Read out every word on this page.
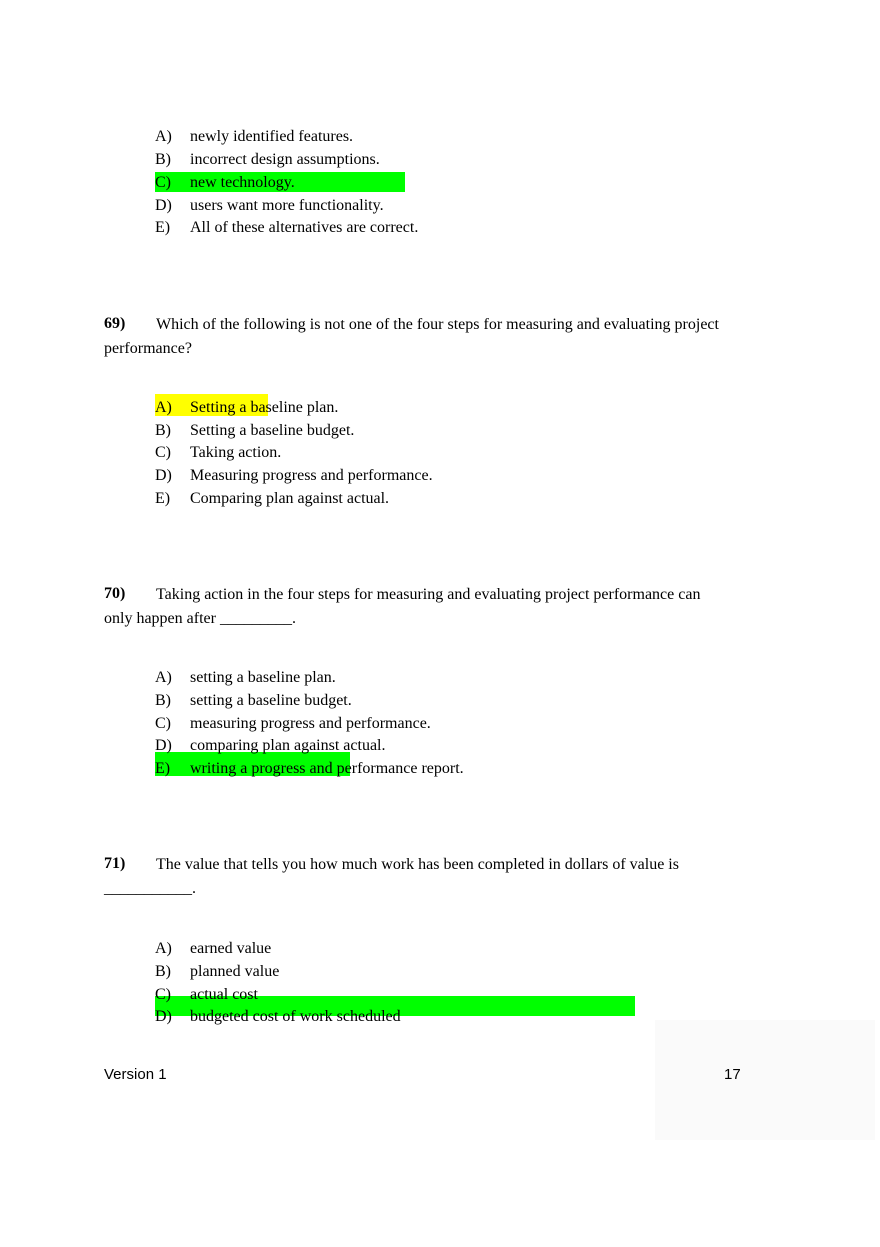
A) newly identified features.
B) incorrect design assumptions.
C) new technology.
D) users want more functionality.
E) All of these alternatives are correct.
69) Which of the following is not one of the four steps for measuring and evaluating project
performance?
A) Setting a baseline plan.
B) Setting a baseline budget.
C) Taking action.
D) Measuring progress and performance.
E) Comparing plan against actual.
70) Taking action in the four steps for measuring and evaluating project performance can
only happen after _________.
A) setting a baseline plan.
B) setting a baseline budget.
C) measuring progress and performance.
D) comparing plan against actual.
E) writing a progress and performance report.
71) The value that tells you how much work has been completed in dollars of value is
___________.
A) earned value
B) planned value
C) actual cost
D) budgeted cost of work scheduled
Version 1	17
